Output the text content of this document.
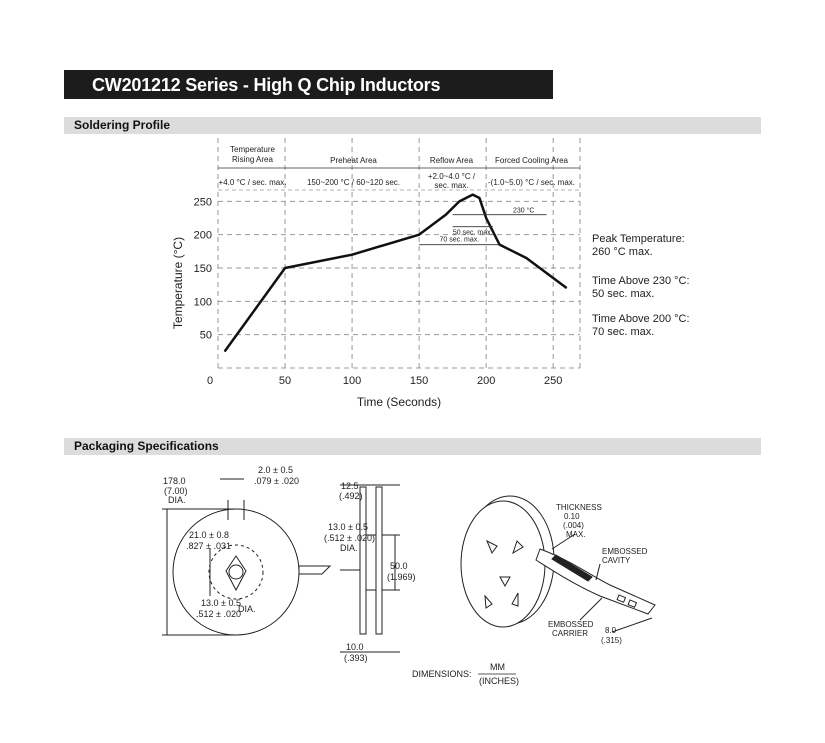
CW201212 Series - High Q Chip Inductors
Soldering Profile
Packaging Specifications
Temperature
Rising Area
+4.0 °C / sec. max.
Preheat Area
150~200 °C / 60~120 sec.
Reflow Area
+2.0~4.0 °C /
sec. max.
Forced Cooling Area
-(1.0~5.0) °C / sec. max.
50
100
150
200
250
0	50	100	150	200	250
Time (Seconds)
Temperature (°C)
230 °C
50 sec. max.
70 sec. max.	Peak Temperature:
260 °C max.
Time Above 230 °C:
50 sec. max.
Time Above 200 °C:
70 sec. max.
178.0
(7.00)
DIA.
2.0 ± 0.5
.079 ± .020
21.0 ± 0.8
.827 ± .031
13.0 ± 0.5
.512 ± .020
DIA.
12.5
(.492)
13.0 ± 0.5
(.512 ± .020)
DIA.
50.0
(1.969)
10.0
(.393)
DIMENSIONS:
MM
(INCHES)
THICKNESS
0.10
(.004)
MAX.
EMBOSSED
CAVITY
EMBOSSED
CARRIER 8.0
(.315)
